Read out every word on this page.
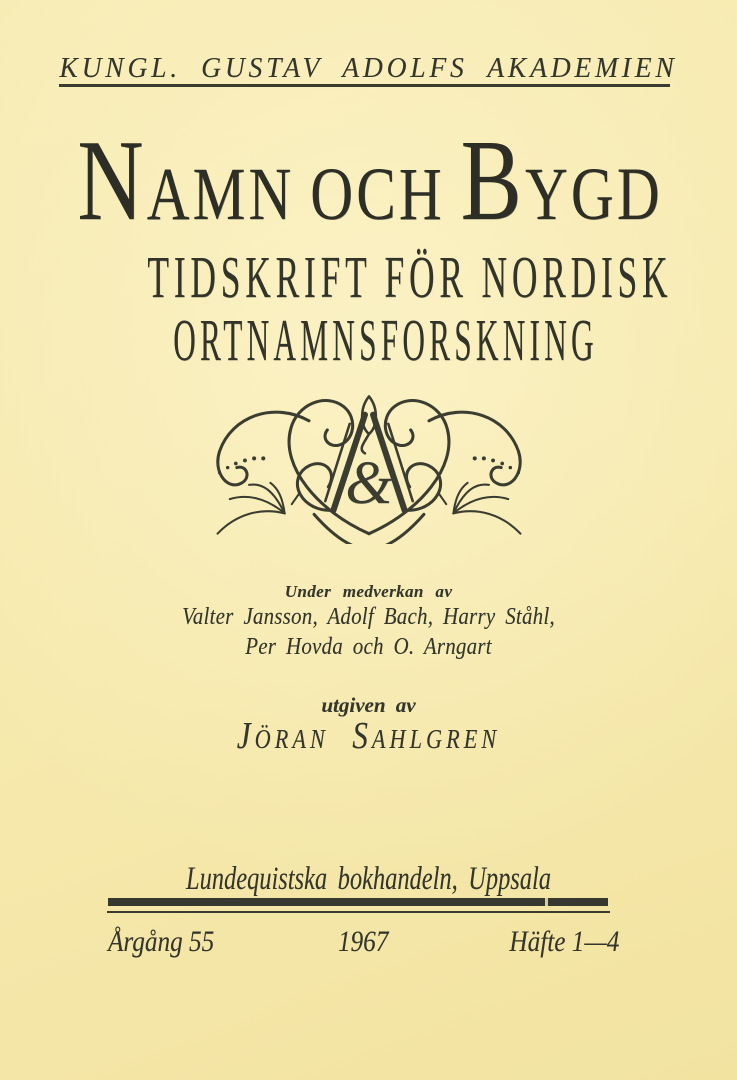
KUNGL. GUSTAV ADOLFS AKADEMIEN
NAMN OCH BYGD
TIDSKRIFT FÖR NORDISK
ORTNAMNSFORSKNING
&
Under medverkan av
Valter Jansson, Adolf Bach, Harry Ståhl,
Per Hovda och O. Arngart
utgiven av
Jöran Sahlgren
Lundequistska bokhandeln, Uppsala
Årgång 55	1967	Häfte 1—4
